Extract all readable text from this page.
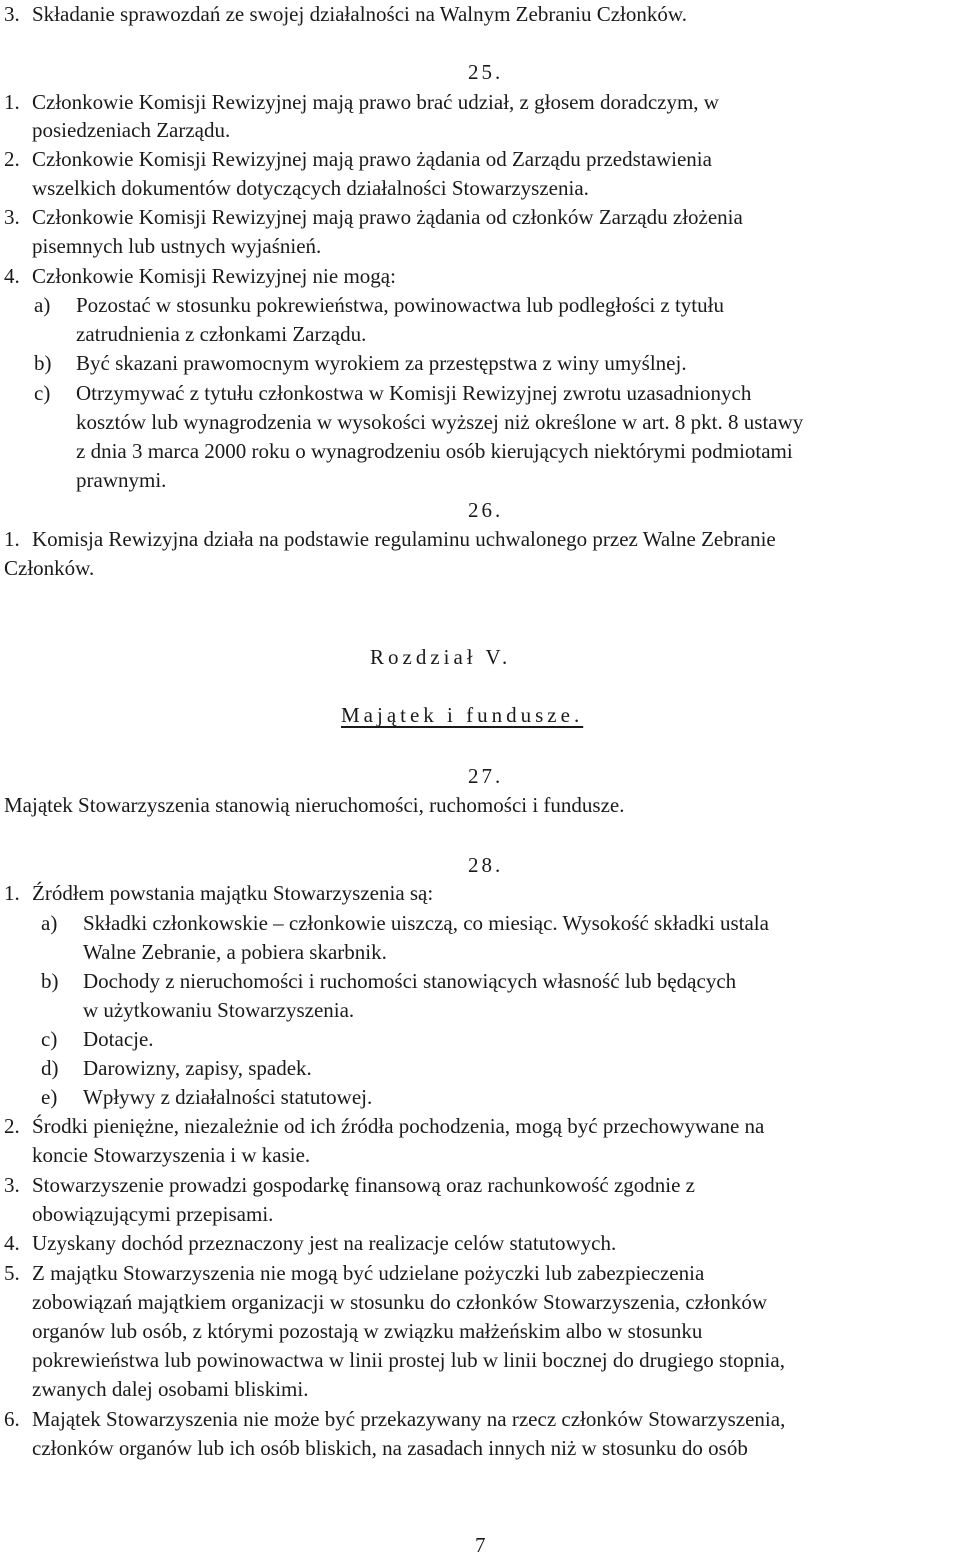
3. Składanie sprawozdań ze swojej działalności na Walnym Zebraniu Członków.
25.
1. Członkowie Komisji Rewizyjnej mają prawo brać udział, z głosem doradczym, w
posiedzeniach Zarządu.
2. Członkowie Komisji Rewizyjnej mają prawo żądania od Zarządu przedstawienia
wszelkich dokumentów dotyczących działalności Stowarzyszenia.
3. Członkowie Komisji Rewizyjnej mają prawo żądania od członków Zarządu złożenia
pisemnych lub ustnych wyjaśnień.
4. Członkowie Komisji Rewizyjnej nie mogą:
a) Pozostać w stosunku pokrewieństwa, powinowactwa lub podległości z tytułu
zatrudnienia z członkami Zarządu.
b) Być skazani prawomocnym wyrokiem za przestępstwa z winy umyślnej.
c) Otrzymywać z tytułu członkostwa w Komisji Rewizyjnej zwrotu uzasadnionych
kosztów lub wynagrodzenia w wysokości wyższej niż określone w art. 8 pkt. 8 ustawy
z dnia 3 marca 2000 roku o wynagrodzeniu osób kierujących niektórymi podmiotami
prawnymi.
26.
1. Komisja Rewizyjna działa na podstawie regulaminu uchwalonego przez Walne Zebranie
Członków.
Rozdział V.
Majątek i fundusze.
27.
Majątek Stowarzyszenia stanowią nieruchomości, ruchomości i fundusze.
28.
1. Źródłem powstania majątku Stowarzyszenia są:
a) Składki członkowskie – członkowie uiszczą, co miesiąc. Wysokość składki ustala
Walne Zebranie, a pobiera skarbnik.
b) Dochody z nieruchomości i ruchomości stanowiących własność lub będących
w użytkowaniu Stowarzyszenia.
c) Dotacje.
d) Darowizny, zapisy, spadek.
e) Wpływy z działalności statutowej.
2. Środki pieniężne, niezależnie od ich źródła pochodzenia, mogą być przechowywane na
koncie Stowarzyszenia i w kasie.
3. Stowarzyszenie prowadzi gospodarkę finansową oraz rachunkowość zgodnie z
obowiązującymi przepisami.
4. Uzyskany dochód przeznaczony jest na realizacje celów statutowych.
5. Z majątku Stowarzyszenia nie mogą być udzielane pożyczki lub zabezpieczenia
zobowiązań majątkiem organizacji w stosunku do członków Stowarzyszenia, członków
organów lub osób, z którymi pozostają w związku małżeńskim albo w stosunku
pokrewieństwa lub powinowactwa w linii prostej lub w linii bocznej do drugiego stopnia,
zwanych dalej osobami bliskimi.
6. Majątek Stowarzyszenia nie może być przekazywany na rzecz członków Stowarzyszenia,
członków organów lub ich osób bliskich, na zasadach innych niż w stosunku do osób
7
